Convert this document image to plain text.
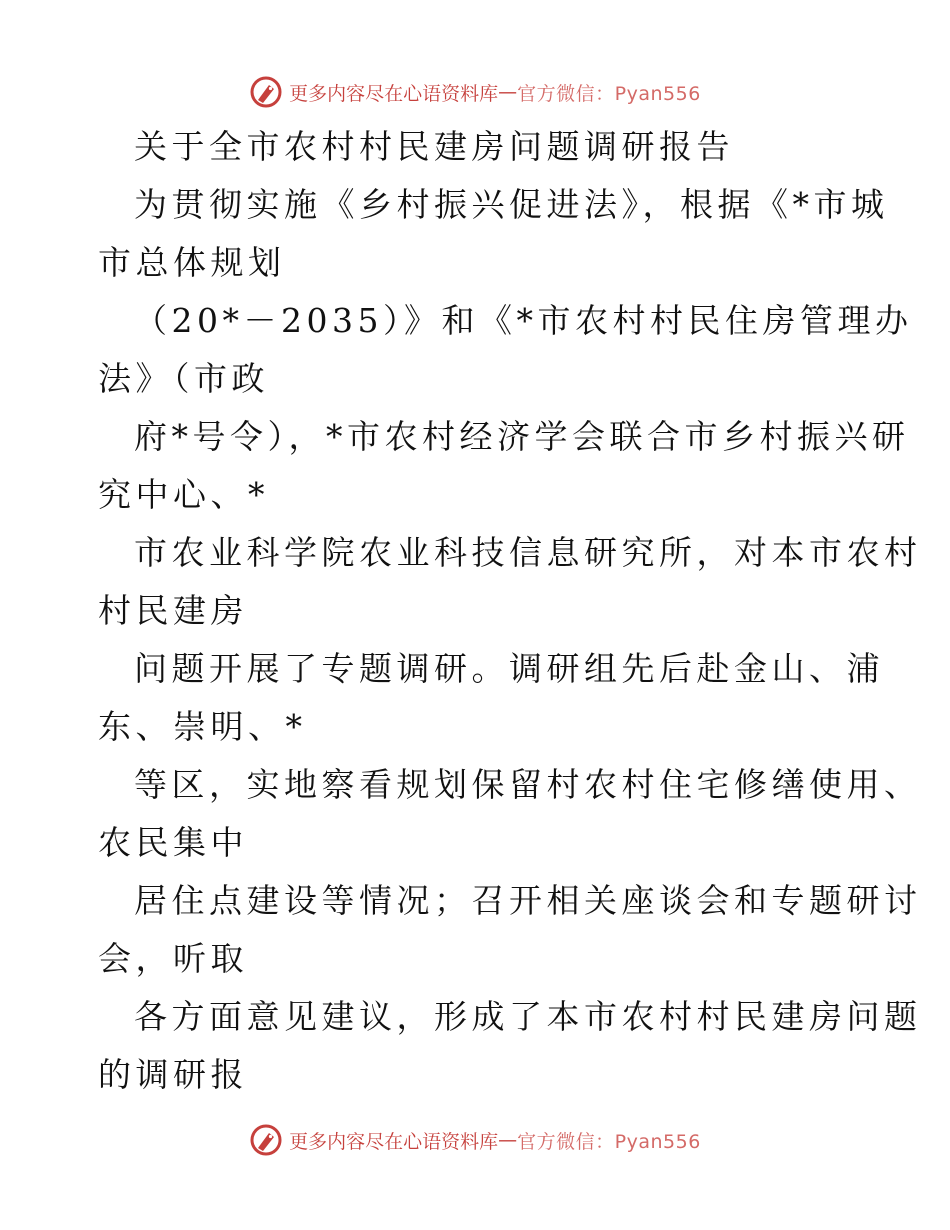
更多内容尽在心语资料库 — 官方微信：Pyan556
关于全市农村村民建房问题调研报告
为贯彻实施《乡村振兴促进法》，根据《*市城
市总体规划
（20*－2035）》和《*市农村村民住房管理办
法》（市政
府*号令），*市农村经济学会联合市乡村振兴研
究中心、*
市农业科学院农业科技信息研究所，对本市农村
村民建房
问题开展了专题调研。调研组先后赴金山、浦
东、崇明、*
等区，实地察看规划保留村农村住宅修缮使用、
农民集中
居住点建设等情况；召开相关座谈会和专题研讨
会，听取
各方面意见建议，形成了本市农村村民建房问题
的调研报
更多内容尽在心语资料库 — 官方微信：Pyan556
